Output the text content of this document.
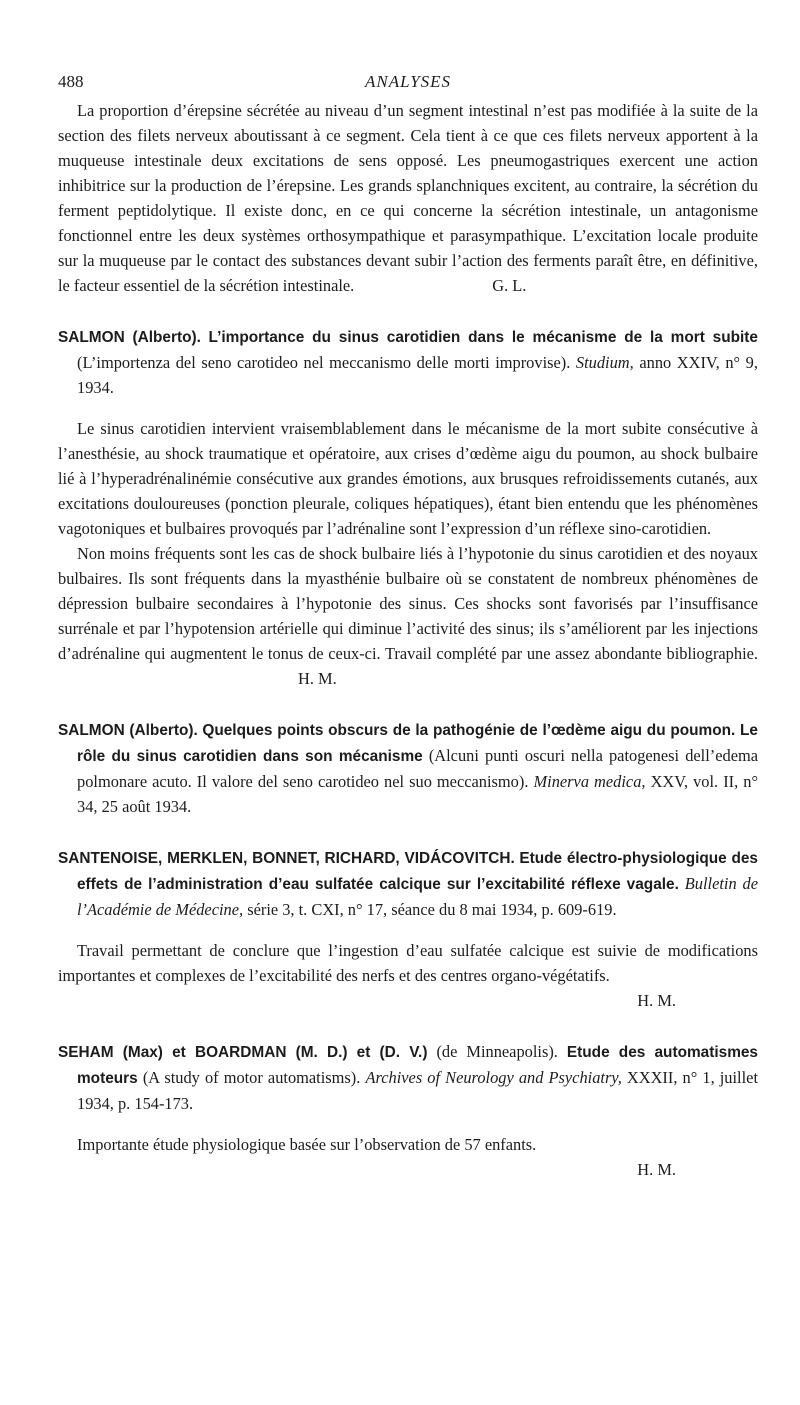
488	ANALYSES

La proportion d’érepsine sécrétée au niveau d’un segment intestinal n’est pas modifiée à la suite de la section des filets nerveux aboutissant à ce segment. Cela tient à ce que ces filets nerveux apportent à la muqueuse intestinale deux excitations de sens opposé. Les pneumogastriques exercent une action inhibitrice sur la production de l’érepsine. Les grands splanchniques excitent, au contraire, la sécrétion du ferment peptidolytique. Il existe donc, en ce qui concerne la sécrétion intestinale, un antagonisme fonctionnel entre les deux systèmes orthosympathique et parasympathique. L’excitation locale produite sur la muqueuse par le contact des substances devant subir l’action des ferments paraît être, en définitive, le facteur essentiel de la sécrétion intestinale.	G. L.

SALMON (Alberto). L’importance du sinus carotidien dans le mécanisme de la mort subite (L’importenza del seno carotideo nel meccanismo delle morti improvise). Studium, anno XXIV, n° 9, 1934.

Le sinus carotidien intervient vraisemblablement dans le mécanisme de la mort subite consécutive à l’anesthésie, au shock traumatique et opératoire, aux crises d’œdème aigu du poumon, au shock bulbaire lié à l’hyperadrénalinémie consécutive aux grandes émotions, aux brusques refroidissements cutanés, aux excitations douloureuses (ponction pleurale, coliques hépatiques), étant bien entendu que les phénomènes vagotoniques et bulbaires provoqués par l’adrénaline sont l’expression d’un réflexe sino-carotidien.

Non moins fréquents sont les cas de shock bulbaire liés à l’hypotonie du sinus carotidien et des noyaux bulbaires. Ils sont fréquents dans la myasthénie bulbaire où se constatent de nombreux phénomènes de dépression bulbaire secondaires à l’hypotonie des sinus. Ces shocks sont favorisés par l’insuffisance surrénale et par l’hypotension artérielle qui diminue l’activité des sinus; ils s’améliorent par les injections d’adrénaline qui augmentent le tonus de ceux-ci. Travail complété par une assez abondante bibliographie.H. M.

SALMON (Alberto). Quelques points obscurs de la pathogénie de l’œdème aigu du poumon. Le rôle du sinus carotidien dans son mécanisme (Alcuni punti oscuri nella patogenesi dell’edema polmonare acuto. Il valore del seno carotideo nel suo meccanismo). Minerva medica, XXV, vol. II, n° 34, 25 août 1934.

SANTENOISE, MERKLEN, BONNET, RICHARD, VIDÁCOVITCH. Etude électro-physiologique des effets de l’administration d’eau sulfatée calcique sur l’excitabilité réflexe vagale. Bulletin de l’Académie de Médecine, série 3, t. CXI, n° 17, séance du 8 mai 1934, p. 609-619.

Travail permettant de conclure que l’ingestion d’eau sulfatée calcique est suivie de modifications importantes et complexes de l’excitabilité des nerfs et des centres organo-végétatifs.

H. M.

SEHAM (Max) et BOARDMAN (M. D.) et (D. V.) (de Minneapolis). Etude des automatismes moteurs (A study of motor automatisms). Archives of Neurology and Psychiatry, XXXII, n° 1, juillet 1934, p. 154-173.

Importante étude physiologique basée sur l’observation de 57 enfants.

H. M.
